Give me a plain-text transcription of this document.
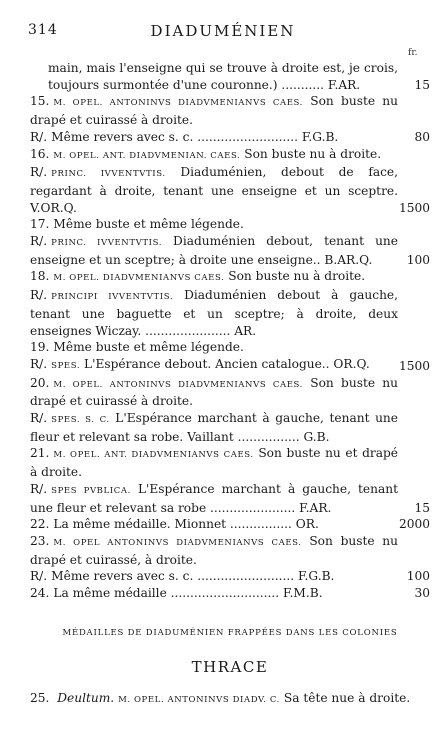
314	DIADUMÉNIEN
fr.
main, mais l'enseigne qui se trouve à droite est, je crois, toujours surmontée d'une couronne.) ........... F.AR.	15
15. M. OPEL. ANTONINVS DIADVMENIANVS CAES. Son buste nu drapé et cuirassé à droite.
R/. Même revers avec s. c. .......................... F.G.B.	80
16. M. OPEL. ANT. DIADVMENIAN. CAES. Son buste nu à droite.
R/. PRINC. IVVENTVTIS. Diaduménien, debout de face, regardant à droite, tenant une enseigne et un sceptre. V.OR.Q.	1500
17. Même buste et même légende.
R/. PRINC. IVVENTVTIS. Diaduménien debout, tenant une enseigne et un sceptre; à droite une enseigne.. B.AR.Q.	100
18. M. OPEL. DIADVMENIANVS CAES. Son buste nu à droite.
R/. PRINCIPI IVVENTVTIS. Diaduménien debout à gauche, tenant une baguette et un sceptre; à droite, deux enseignes Wiczay. ...................... AR.
19. Même buste et même légende.
R/. SPES. L'Espérance debout. Ancien catalogue.. OR.Q. 1500
20. M. OPEL. ANTONINVS DIADVMENIANVS CAES. Son buste nu drapé et cuirassé à droite.
R/. SPES. S. C. L'Espérance marchant à gauche, tenant une fleur et relevant sa robe. Vaillant ................ G.B.
21. M. OPEL. ANT. DIADVMENIANVS CAES. Son buste nu et drapé à droite.
R/. SPES PVBLICA. L'Espérance marchant à gauche, tenant une fleur et relevant sa robe ...................... F.AR.	15
22. La même médaille. Mionnet ................ OR.	2000
23. M. OPEL ANTONINVS DIADVMENIANVS CAES. Son buste nu drapé et cuirassé, à droite.
R/. Même revers avec s. c. ......................... F.G.B.	100
24. La même médaille ............................ F.M.B.	30
MÉDAILLES DE DIADUMÉNIEN FRAPPÉES DANS LES COLONIES
THRACE
25. Deultum. M. OPEL. ANTONINVS DIADV. C. Sa tête nue à droite.
